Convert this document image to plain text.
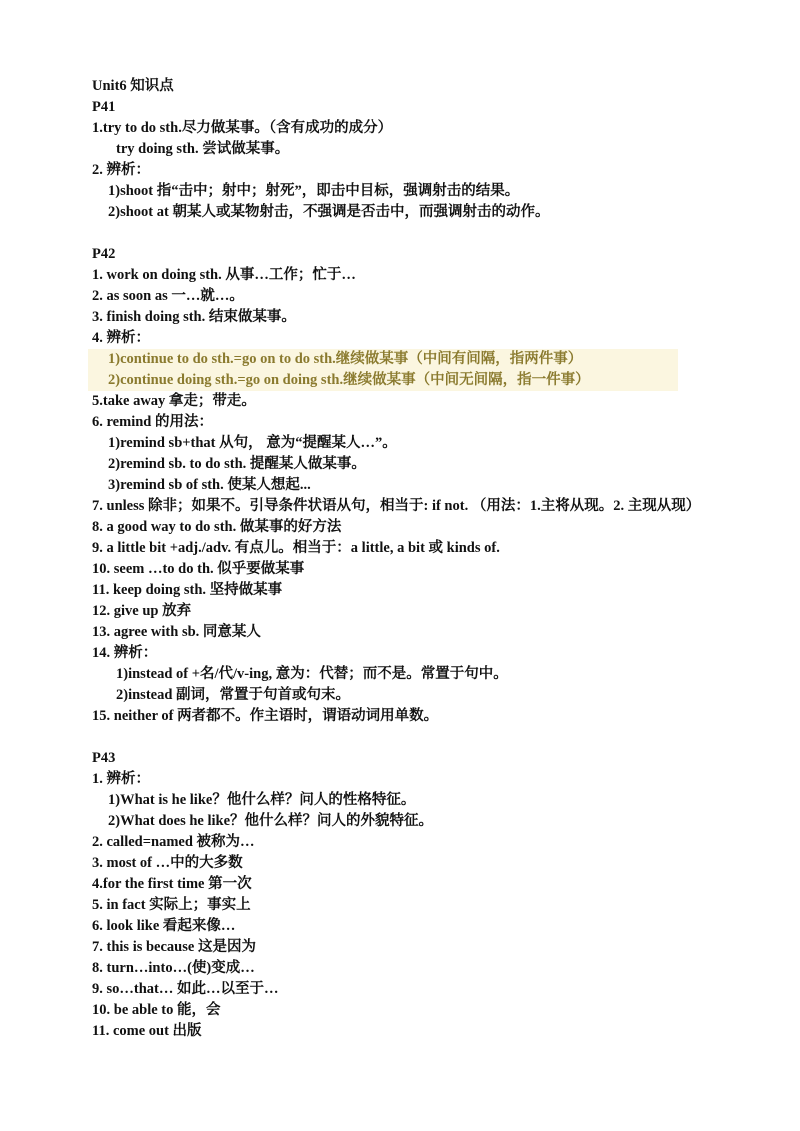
Unit6 知识点
P41
1.try to do sth.尽力做某事。（含有成功的成分）
try doing sth. 尝试做某事。
2. 辨析：
1)shoot 指“击中；射中；射死”，即击中目标，强调射击的结果。
2)shoot at 朝某人或某物射击，不强调是否击中，而强调射击的动作。
P42
1. work on doing sth. 从事…工作；忙于…
2. as soon as 一…就…。
3. finish doing sth. 结束做某事。
4. 辨析：
1)continue to do sth.=go on to do sth.继续做某事（中间有间隔，指两件事）
2)continue doing sth.=go on doing sth.继续做某事（中间无间隔，指一件事）
5.take away 拿走；带走。
6. remind 的用法：
1)remind sb+that 从句， 意为“提醒某人…”。
2)remind sb. to do sth. 提醒某人做某事。
3)remind sb of sth. 使某人想起...
7. unless 除非；如果不。引导条件状语从句，相当于: if not. （用法：1.主将从现。2. 主现从现）
8. a good way to do sth. 做某事的好方法
9. a little bit +adj./adv. 有点儿。相当于：a little, a bit 或 kinds of.
10. seem …to do th. 似乎要做某事
11. keep doing sth. 坚持做某事
12. give up 放弃
13. agree with sb. 同意某人
14. 辨析：
1)instead of +名/代/v-ing, 意为：代替；而不是。常置于句中。
2)instead 副词，常置于句首或句末。
15. neither of 两者都不。作主语时，谓语动词用单数。
P43
1. 辨析：
1)What is he like？他什么样？问人的性格特征。
2)What does he like？他什么样？问人的外貌特征。
2. called=named 被称为…
3. most of …中的大多数
4.for the first time 第一次
5. in fact 实际上；事实上
6. look like 看起来像…
7. this is because 这是因为
8. turn…into…(使)变成…
9. so…that… 如此…以至于…
10. be able to 能，会
11. come out 出版
